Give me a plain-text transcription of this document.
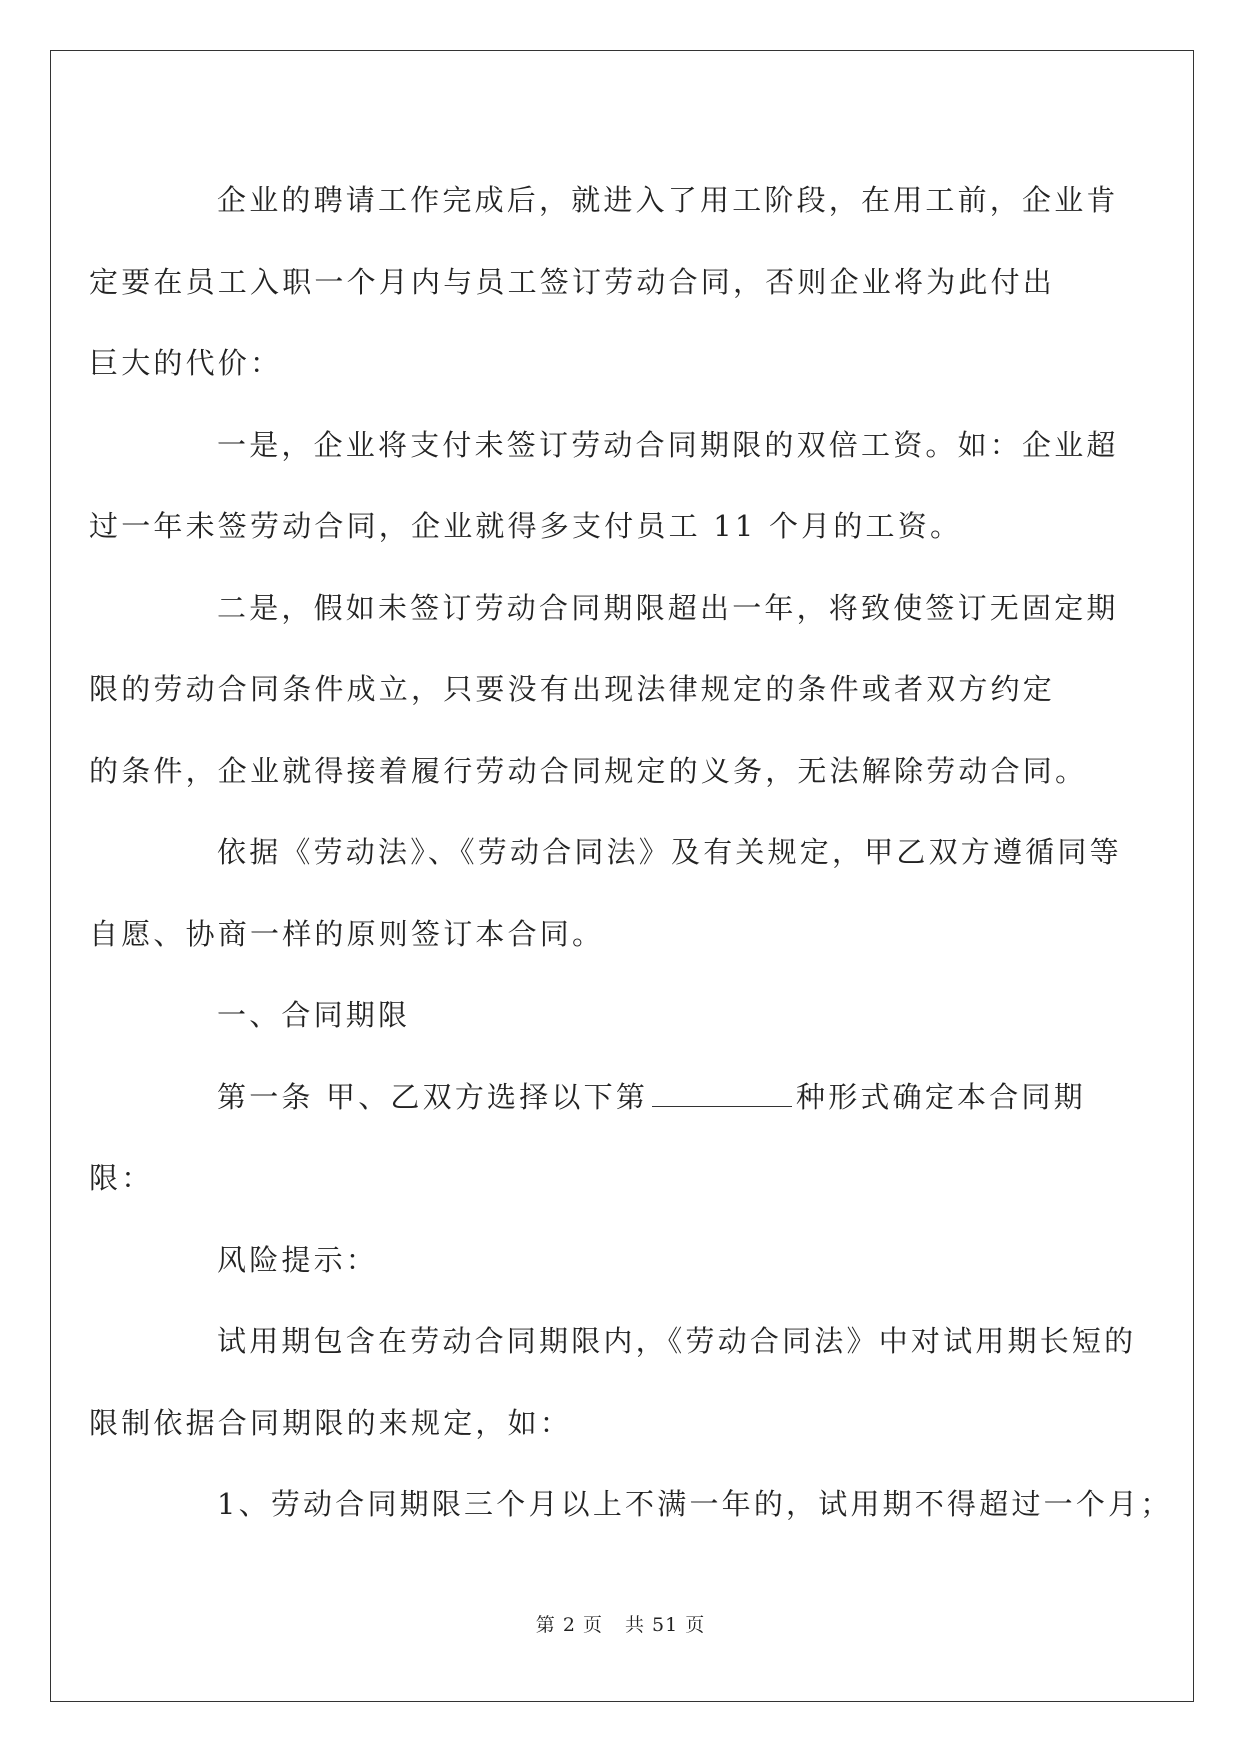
企业的聘请工作完成后，就进入了用工阶段，在用工前，企业肯
定要在员工入职一个月内与员工签订劳动合同，否则企业将为此付出
巨大的代价：

一是，企业将支付未签订劳动合同期限的双倍工资。如：企业超
过一年未签劳动合同，企业就得多支付员工 11 个月的工资。

二是，假如未签订劳动合同期限超出一年，将致使签订无固定期
限的劳动合同条件成立，只要没有出现法律规定的条件或者双方约定
的条件，企业就得接着履行劳动合同规定的义务，无法解除劳动合同。

依据《劳动法》、《劳动合同法》及有关规定，甲乙双方遵循同等
自愿、协商一样的原则签订本合同。

一、合同期限

第一条 甲、乙双方选择以下第	种形式确定本合同期
限：

风险提示：

试用期包含在劳动合同期限内，《劳动合同法》中对试用期长短的
限制依据合同期限的来规定，如：

1、劳动合同期限三个月以上不满一年的，试用期不得超过一个月；

第 2 页 共 51 页
